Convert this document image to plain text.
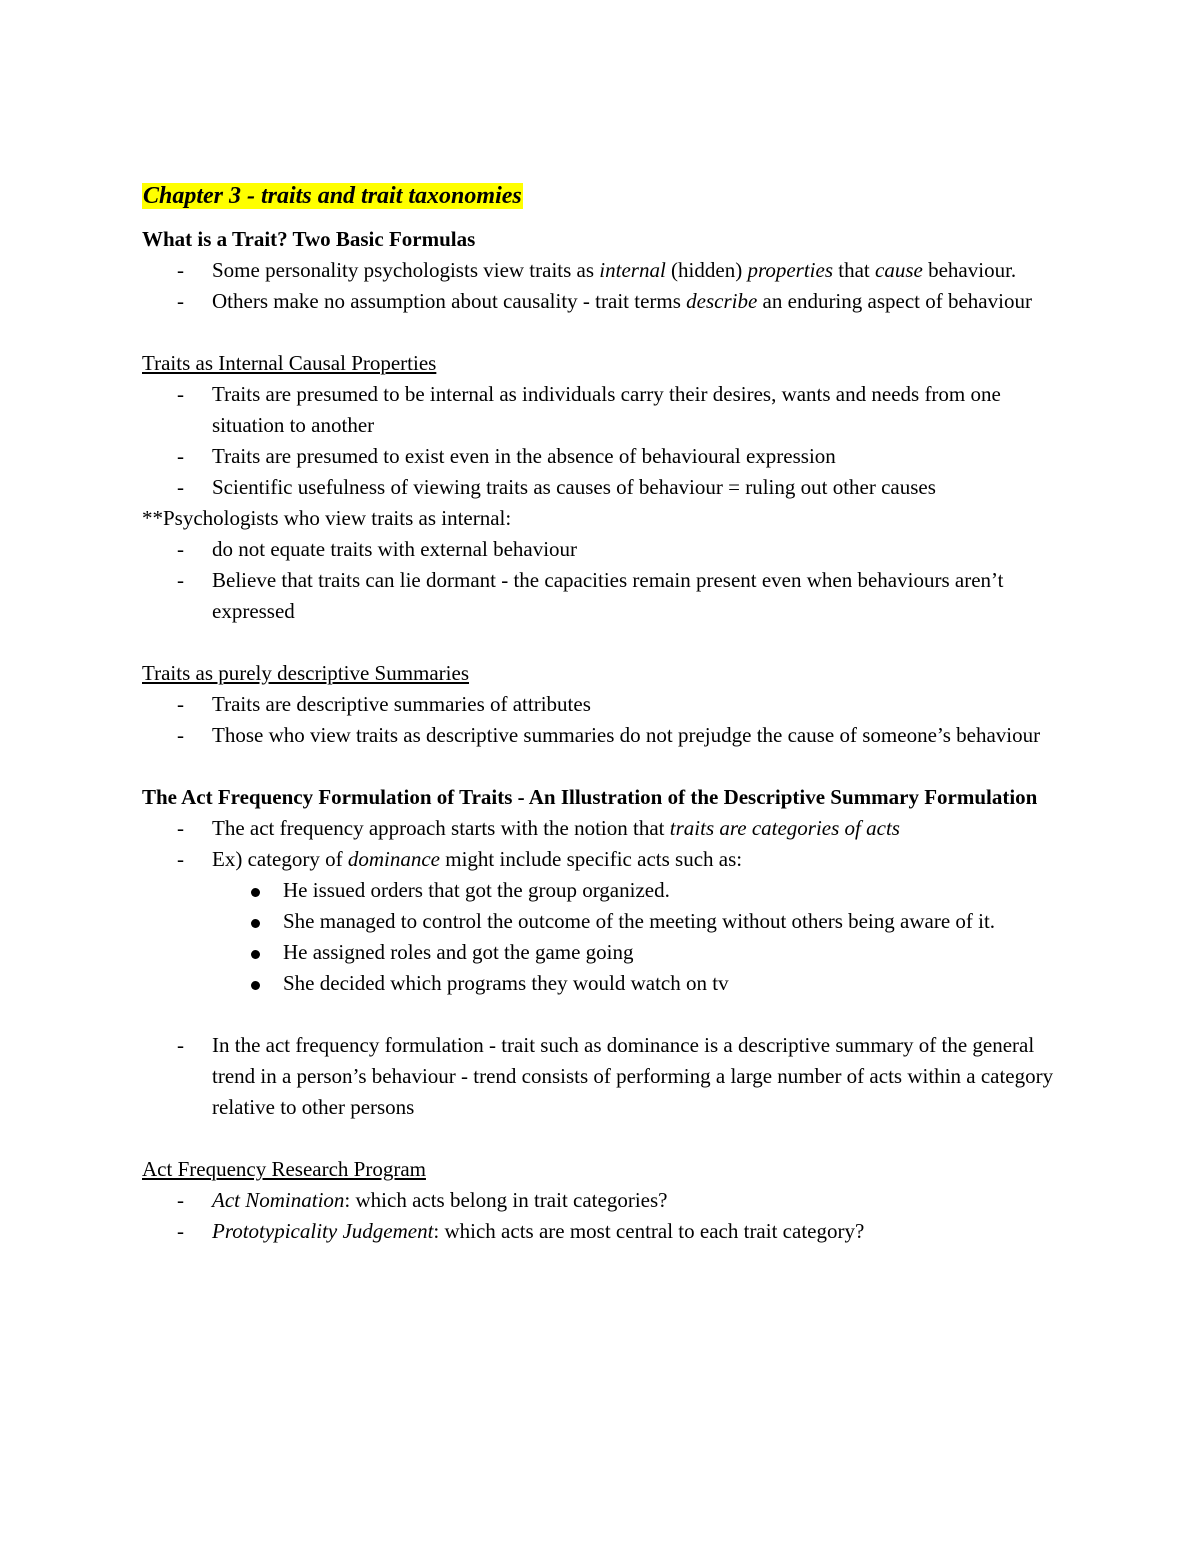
Chapter 3 - traits and trait taxonomies

What is a Trait? Two Basic Formulas

- Some personality psychologists view traits as internal (hidden) properties that cause behaviour.
- Others make no assumption about causality - trait terms describe an enduring aspect of behaviour

Traits as Internal Causal Properties

- Traits are presumed to be internal as individuals carry their desires, wants and needs from one situation to another
- Traits are presumed to exist even in the absence of behavioural expression
- Scientific usefulness of viewing traits as causes of behaviour = ruling out other causes

**Psychologists who view traits as internal:

- do not equate traits with external behaviour
- Believe that traits can lie dormant - the capacities remain present even when behaviours aren’t expressed

Traits as purely descriptive Summaries

- Traits are descriptive summaries of attributes
- Those who view traits as descriptive summaries do not prejudge the cause of someone’s behaviour

The Act Frequency Formulation of Traits - An Illustration of the Descriptive Summary Formulation

- The act frequency approach starts with the notion that traits are categories of acts
- Ex) category of dominance might include specific acts such as:
He issued orders that got the group organized.
She managed to control the outcome of the meeting without others being aware of it.
He assigned roles and got the game going
She decided which programs they would watch on tv
- In the act frequency formulation - trait such as dominance is a descriptive summary of the general trend in a person’s behaviour - trend consists of performing a large number of acts within a category relative to other persons

Act Frequency Research Program

- Act Nomination: which acts belong in trait categories?
- Prototypicality Judgement: which acts are most central to each trait category?
